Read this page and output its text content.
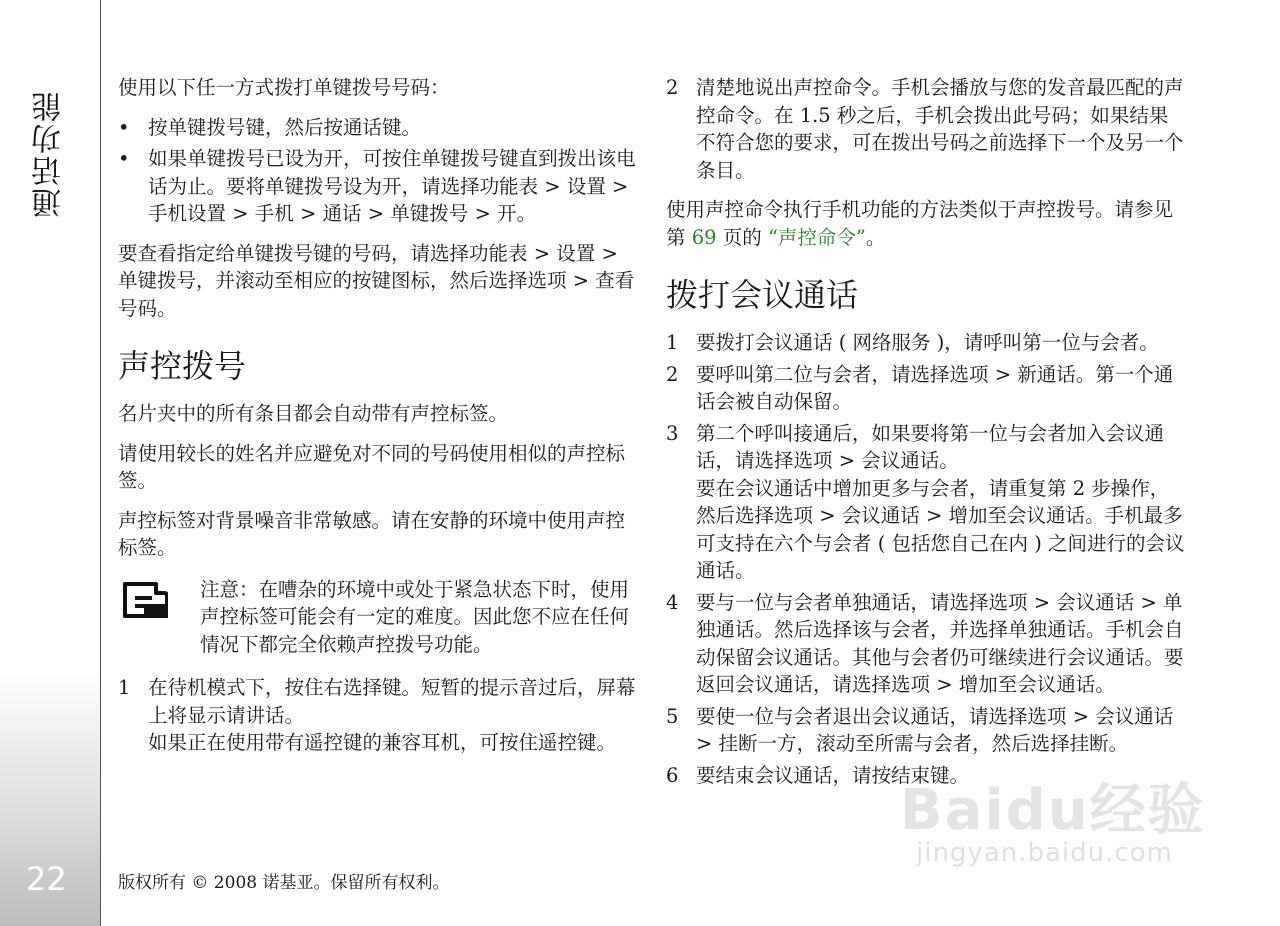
通话功能
22

使用以下任一方式拨打单键拨号号码：

• 按单键拨号键，然后按通话键。
• 如果单键拨号已设为开，可按住单键拨号键直到拨出该电话为止。要将单键拨号设为开，请选择功能表 > 设置 > 手机设置 > 手机 > 通话 > 单键拨号 > 开。

要查看指定给单键拨号键的号码，请选择功能表 > 设置 > 单键拨号，并滚动至相应的按键图标，然后选择选项 > 查看号码。

声控拨号

名片夹中的所有条目都会自动带有声控标签。

请使用较长的姓名并应避免对不同的号码使用相似的声控标签。

声控标签对背景噪音非常敏感。请在安静的环境中使用声控标签。

注意：在嘈杂的环境中或处于紧急状态下时，使用声控标签可能会有一定的难度。因此您不应在任何情况下都完全依赖声控拨号功能。
1 在待机模式下，按住右选择键。短暂的提示音过后，屏幕上将显示请讲话。
如果正在使用带有遥控键的兼容耳机，可按住遥控键。
2 清楚地说出声控命令。手机会播放与您的发音最匹配的声控命令。在 1.5 秒之后，手机会拨出此号码；如果结果不符合您的要求，可在拨出号码之前选择下一个及另一个条目。

使用声控命令执行手机功能的方法类似于声控拨号。请参见第 69 页的 “声控命令”。

拨打会议通话
1 要拨打会议通话 ( 网络服务 )，请呼叫第一位与会者。
2 要呼叫第二位与会者，请选择选项 > 新通话。第一个通话会被自动保留。
3 第二个呼叫接通后，如果要将第一位与会者加入会议通话，请选择选项 > 会议通话。
要在会议通话中增加更多与会者，请重复第 2 步操作，然后选择选项 > 会议通话 > 增加至会议通话。手机最多可支持在六个与会者 ( 包括您自己在内 ) 之间进行的会议通话。
4 要与一位与会者单独通话，请选择选项 > 会议通话 > 单独通话。然后选择该与会者，并选择单独通话。手机会自动保留会议通话。其他与会者仍可继续进行会议通话。要返回会议通话，请选择选项 > 增加至会议通话。
5 要使一位与会者退出会议通话，请选择选项 > 会议通话 > 挂断一方，滚动至所需与会者，然后选择挂断。
6 要结束会议通话，请按结束键。
版权所有 © 2008 诺基亚。保留所有权利。
Baidu经验
jingyan.baidu.com
